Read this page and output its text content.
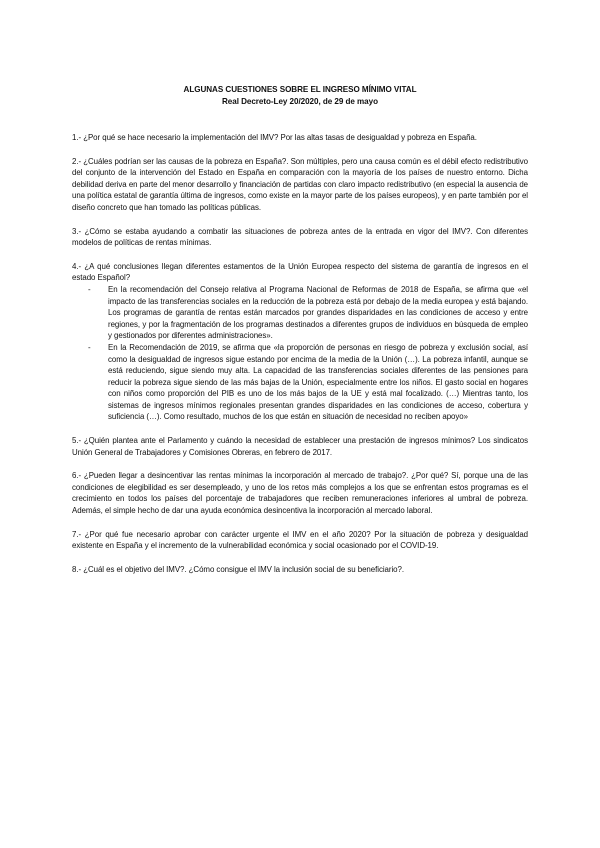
ALGUNAS CUESTIONES SOBRE EL INGRESO MÍNIMO VITAL
Real Decreto-Ley 20/2020, de 29 de mayo

1.- ¿Por qué se hace necesario la implementación del IMV? Por las altas tasas de desigualdad y pobreza en España.

2.- ¿Cuáles podrían ser las causas de la pobreza en España?. Son múltiples, pero una causa común es el débil efecto redistributivo del conjunto de la intervención del Estado en España en comparación con la mayoría de los países de nuestro entorno. Dicha debilidad deriva en parte del menor desarrollo y financiación de partidas con claro impacto redistributivo (en especial la ausencia de una política estatal de garantía última de ingresos, como existe en la mayor parte de los países europeos), y en parte también por el diseño concreto que han tomado las políticas públicas.

3.- ¿Cómo se estaba ayudando a combatir las situaciones de pobreza antes de la entrada en vigor del IMV?. Con diferentes modelos de políticas de rentas mínimas.

4.- ¿A qué conclusiones llegan diferentes estamentos de la Unión Europea respecto del sistema de garantía de ingresos en el estado Español?

- En la recomendación del Consejo relativa al Programa Nacional de Reformas de 2018 de España, se afirma que «el impacto de las transferencias sociales en la reducción de la pobreza está por debajo de la media europea y está bajando. Los programas de garantía de rentas están marcados por grandes disparidades en las condiciones de acceso y entre regiones, y por la fragmentación de los programas destinados a diferentes grupos de individuos en búsqueda de empleo y gestionados por diferentes administraciones».
- En la Recomendación de 2019, se afirma que «la proporción de personas en riesgo de pobreza y exclusión social, así como la desigualdad de ingresos sigue estando por encima de la media de la Unión (…). La pobreza infantil, aunque se está reduciendo, sigue siendo muy alta. La capacidad de las transferencias sociales diferentes de las pensiones para reducir la pobreza sigue siendo de las más bajas de la Unión, especialmente entre los niños. El gasto social en hogares con niños como proporción del PIB es uno de los más bajos de la UE y está mal focalizado. (…) Mientras tanto, los sistemas de ingresos mínimos regionales presentan grandes disparidades en las condiciones de acceso, cobertura y suficiencia (…). Como resultado, muchos de los que están en situación de necesidad no reciben apoyo»

5.- ¿Quién plantea ante el Parlamento y cuándo la necesidad de establecer una prestación de ingresos mínimos? Los sindicatos Unión General de Trabajadores y Comisiones Obreras, en febrero de 2017.

6.- ¿Pueden llegar a desincentivar las rentas mínimas la incorporación al mercado de trabajo?. ¿Por qué? Sí, porque una de las condiciones de elegibilidad es ser desempleado, y uno de los retos más complejos a los que se enfrentan estos programas es el crecimiento en todos los países del porcentaje de trabajadores que reciben remuneraciones inferiores al umbral de pobreza. Además, el simple hecho de dar una ayuda económica desincentiva la incorporación al mercado laboral.

7.- ¿Por qué fue necesario aprobar con carácter urgente el IMV en el año 2020? Por la situación de pobreza y desigualdad existente en España y el incremento de la vulnerabilidad económica y social ocasionado por el COVID-19.

8.- ¿Cuál es el objetivo del IMV?. ¿Cómo consigue el IMV la inclusión social de su beneficiario?.
